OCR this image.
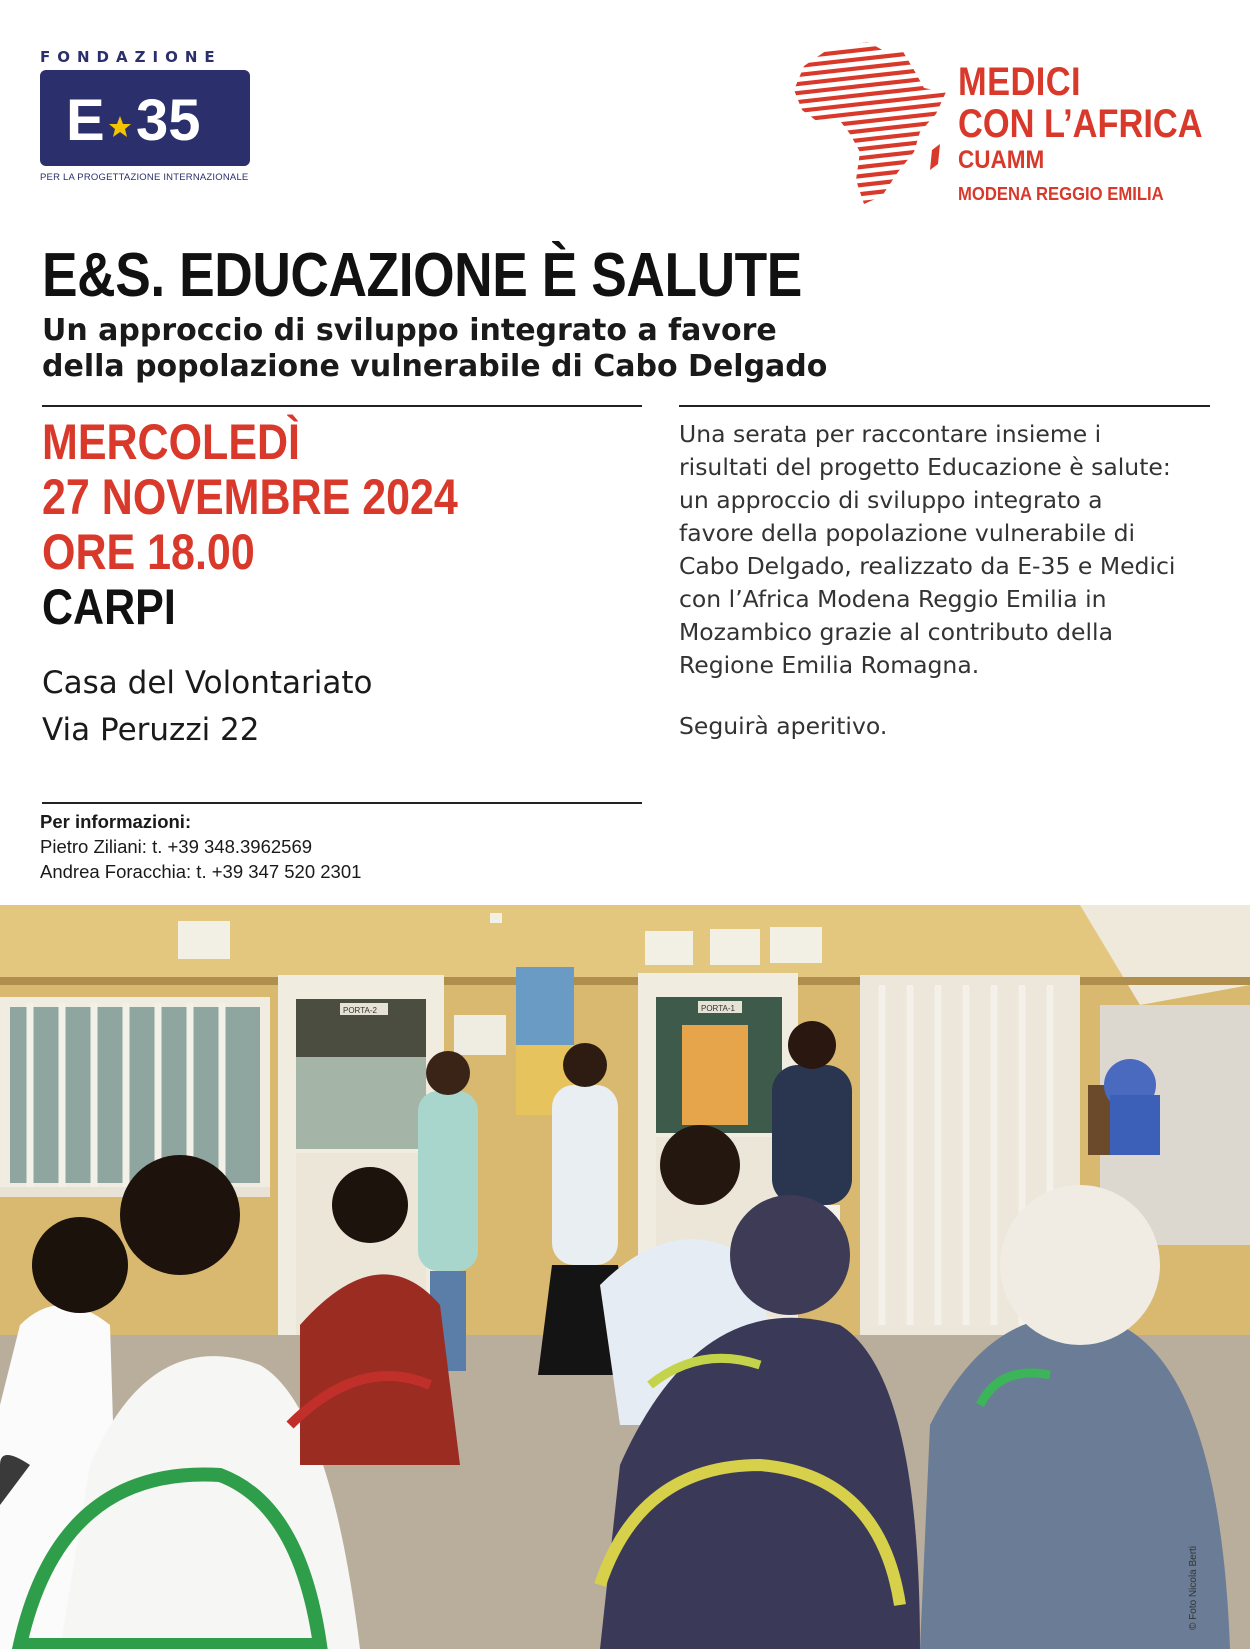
FONDAZIONE
E 35
PER LA PROGETTAZIONE INTERNAZIONALE
MEDICI
CON L’AFRICA
CUAMM
MODENA REGGIO EMILIA
E&S. EDUCAZIONE È SALUTE
Un approccio di sviluppo integrato a favore
della popolazione vulnerabile di Cabo Delgado
MERCOLEDÌ
27 NOVEMBRE 2024
ORE 18.00
CARPI
Casa del Volontariato
Via Peruzzi 22
Per informazioni:
Pietro Ziliani: t. +39 348.3962569
Andrea Foracchia: t. +39 347 520 2301
Una serata per raccontare insieme i
risultati del progetto Educazione è salute:
un approccio di sviluppo integrato a
favore della popolazione vulnerabile di
Cabo Delgado, realizzato da E-35 e Medici
con l’Africa Modena Reggio Emilia in
Mozambico grazie al contributo della
Regione Emilia Romagna.
Seguirà aperitivo.
PORTA-2	PORTA-1
© Foto Nicola Berti
